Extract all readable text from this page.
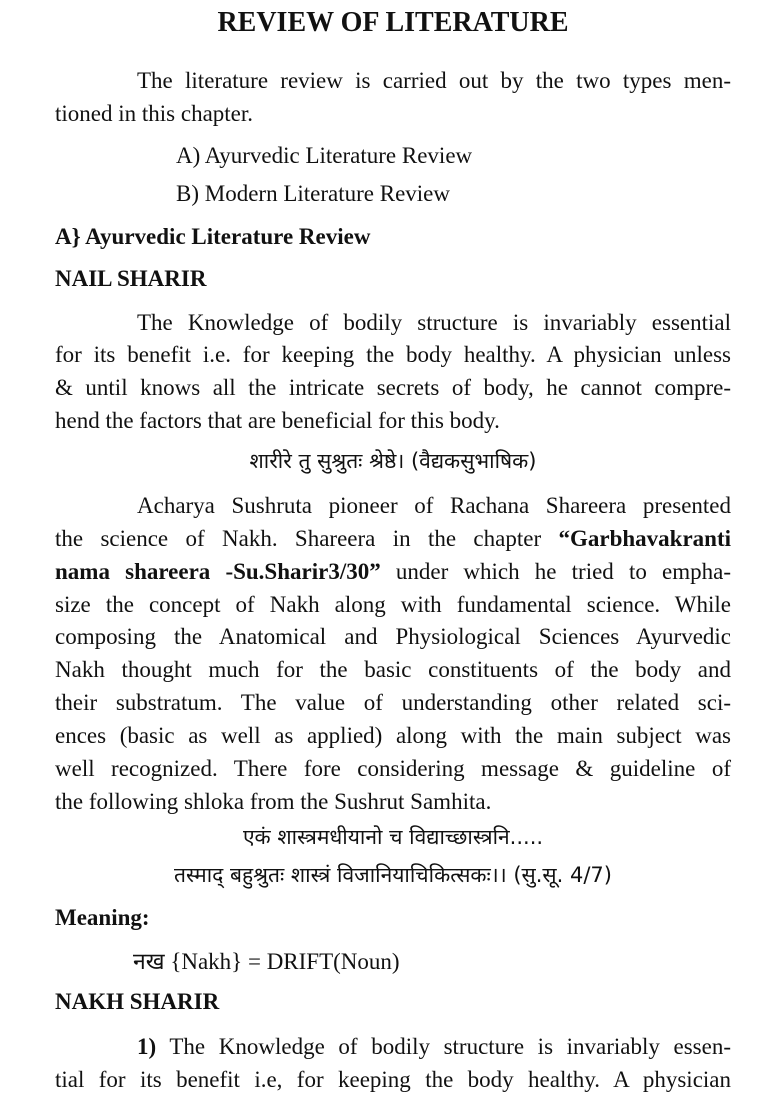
REVIEW OF LITERATURE
The literature review is carried out by the two types men-
tioned in this chapter.
A) Ayurvedic Literature Review
B) Modern Literature Review
A} Ayurvedic Literature Review
NAIL SHARIR
The Knowledge of bodily structure is invariably essential
for its benefit i.e. for keeping the body healthy. A physician unless
& until knows all the intricate secrets of body, he cannot compre-
hend the factors that are beneficial for this body.
शारीरे तु सुश्रुतः श्रेष्ठे। (वैद्यकसुभाषिक)
Acharya Sushruta pioneer of Rachana Shareera presented
the science of Nakh. Shareera in the chapter “Garbhavakranti
nama shareera -Su.Sharir3/30” under which he tried to empha-
size the concept of Nakh along with fundamental science. While
composing the Anatomical and Physiological Sciences Ayurvedic
Nakh thought much for the basic constituents of the body and
their substratum. The value of understanding other related sci-
ences (basic as well as applied) along with the main subject was
well recognized. There fore considering message & guideline of
the following shloka from the Sushrut Samhita.
एकं शास्त्रमधीयानो च विद्याच्छास्त्रनि.....
तस्माद् बहुश्रुतः शास्त्रं विजानियाचिकित्सकः।। (सु.सू. 4/7)
Meaning:
नख {Nakh} = DRIFT(Noun)
NAKH SHARIR
1) The Knowledge of bodily structure is invariably essen-
tial for its benefit i.e, for keeping the body healthy. A physician
